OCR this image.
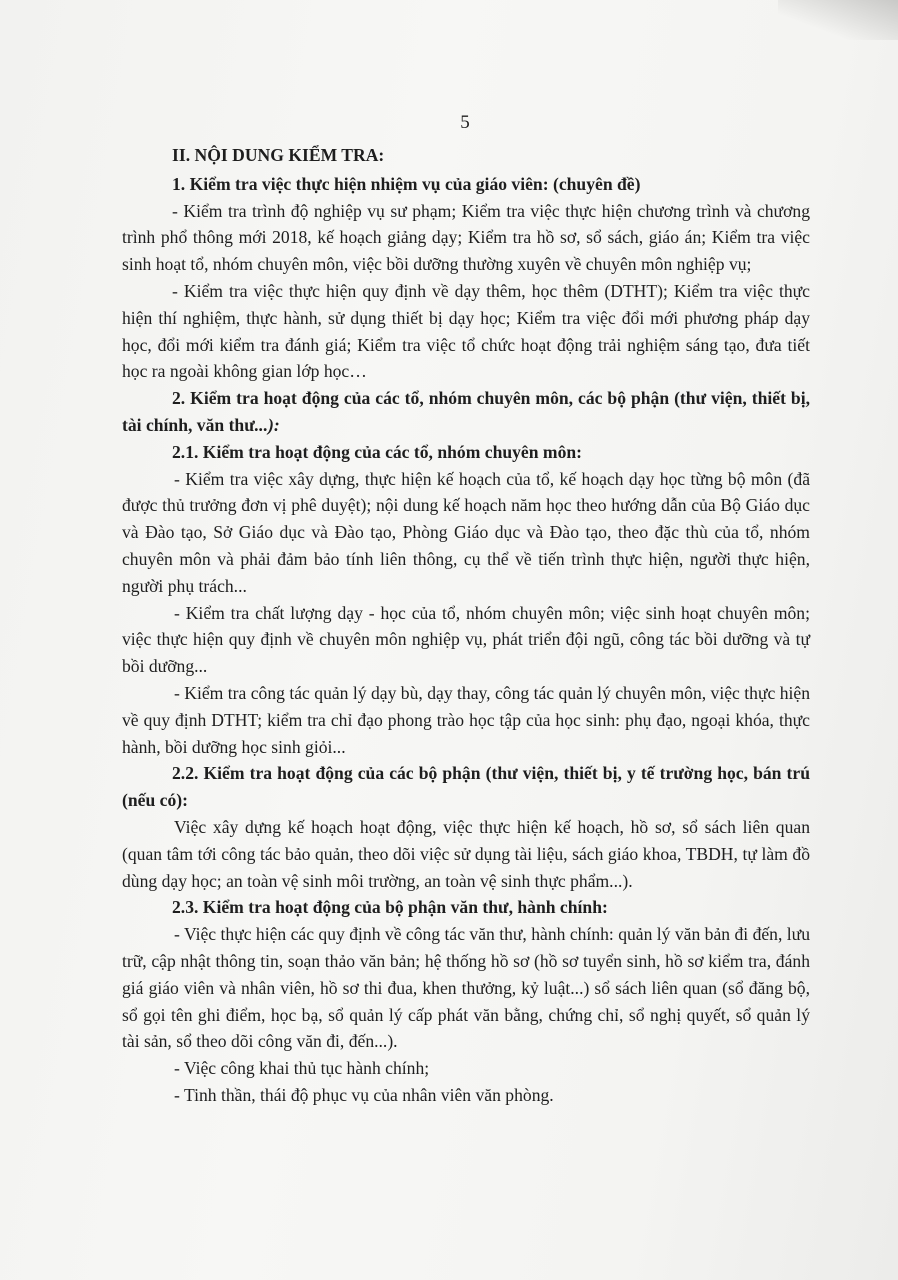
5

II. NỘI DUNG KIỂM TRA:

1. Kiểm tra việc thực hiện nhiệm vụ của giáo viên: (chuyên đề)

- Kiểm tra trình độ nghiệp vụ sư phạm; Kiểm tra việc thực hiện chương trình và chương trình phổ thông mới 2018, kế hoạch giảng dạy; Kiểm tra hồ sơ, sổ sách, giáo án; Kiểm tra việc sinh hoạt tổ, nhóm chuyên môn, việc bồi dưỡng thường xuyên về chuyên môn nghiệp vụ;

- Kiểm tra việc thực hiện quy định về dạy thêm, học thêm (DTHT); Kiểm tra việc thực hiện thí nghiệm, thực hành, sử dụng thiết bị dạy học; Kiểm tra việc đổi mới phương pháp dạy học, đổi mới kiểm tra đánh giá; Kiểm tra việc tổ chức hoạt động trải nghiệm sáng tạo, đưa tiết học ra ngoài không gian lớp học…

2. Kiểm tra hoạt động của các tổ, nhóm chuyên môn, các bộ phận (thư viện, thiết bị, tài chính, văn thư...):

2.1. Kiểm tra hoạt động của các tổ, nhóm chuyên môn:

- Kiểm tra việc xây dựng, thực hiện kế hoạch của tổ, kế hoạch dạy học từng bộ môn (đã được thủ trưởng đơn vị phê duyệt); nội dung kế hoạch năm học theo hướng dẫn của Bộ Giáo dục và Đào tạo, Sở Giáo dục và Đào tạo, Phòng Giáo dục và Đào tạo, theo đặc thù của tổ, nhóm chuyên môn và phải đảm bảo tính liên thông, cụ thể về tiến trình thực hiện, người thực hiện, người phụ trách...

- Kiểm tra chất lượng dạy - học của tổ, nhóm chuyên môn; việc sinh hoạt chuyên môn; việc thực hiện quy định về chuyên môn nghiệp vụ, phát triển đội ngũ, công tác bồi dưỡng và tự bồi dưỡng...

- Kiểm tra công tác quản lý dạy bù, dạy thay, công tác quản lý chuyên môn, việc thực hiện về quy định DTHT; kiểm tra chỉ đạo phong trào học tập của học sinh: phụ đạo, ngoại khóa, thực hành, bồi dưỡng học sinh giỏi...

2.2. Kiểm tra hoạt động của các bộ phận (thư viện, thiết bị, y tế trường học, bán trú (nếu có):

Việc xây dựng kế hoạch hoạt động, việc thực hiện kế hoạch, hồ sơ, sổ sách liên quan (quan tâm tới công tác bảo quản, theo dõi việc sử dụng tài liệu, sách giáo khoa, TBDH, tự làm đồ dùng dạy học; an toàn vệ sinh môi trường, an toàn vệ sinh thực phẩm...).

2.3. Kiểm tra hoạt động của bộ phận văn thư, hành chính:

- Việc thực hiện các quy định về công tác văn thư, hành chính: quản lý văn bản đi đến, lưu trữ, cập nhật thông tin, soạn thảo văn bản; hệ thống hồ sơ (hồ sơ tuyển sinh, hồ sơ kiểm tra, đánh giá giáo viên và nhân viên, hồ sơ thi đua, khen thưởng, kỷ luật...) sổ sách liên quan (sổ đăng bộ, sổ gọi tên ghi điểm, học bạ, sổ quản lý cấp phát văn bằng, chứng chỉ, sổ nghị quyết, sổ quản lý tài sản, sổ theo dõi công văn đi, đến...).

- Việc công khai thủ tục hành chính;

- Tinh thần, thái độ phục vụ của nhân viên văn phòng.
